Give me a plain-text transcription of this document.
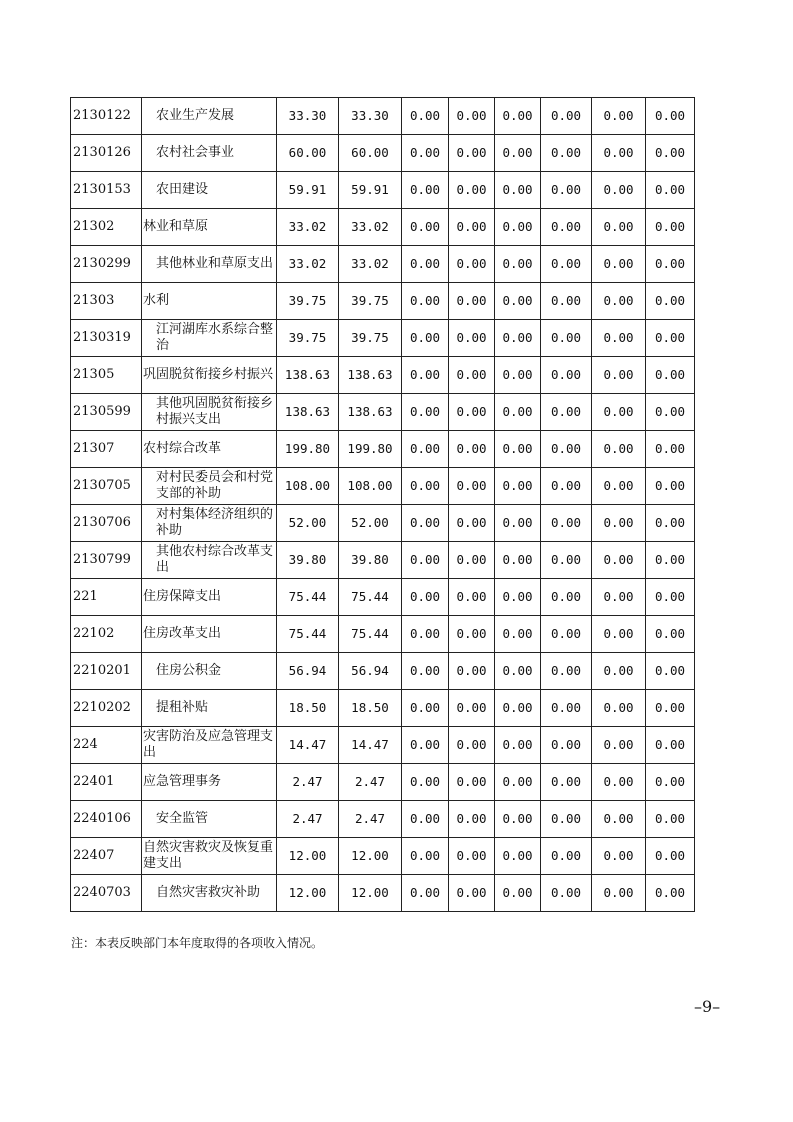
2130122	农业生产发展	33.30	33.30	0.00	0.00	0.00	0.00	0.00	0.00
2130126	农村社会事业	60.00	60.00	0.00	0.00	0.00	0.00	0.00	0.00
2130153	农田建设	59.91	59.91	0.00	0.00	0.00	0.00	0.00	0.00
21302	林业和草原	33.02	33.02	0.00	0.00	0.00	0.00	0.00	0.00
2130299	其他林业和草原支出	33.02	33.02	0.00	0.00	0.00	0.00	0.00	0.00
21303	水利	39.75	39.75	0.00	0.00	0.00	0.00	0.00	0.00
2130319	江河湖库水系综合整治	39.75	39.75	0.00	0.00	0.00	0.00	0.00	0.00
21305	巩固脱贫衔接乡村振兴	138.63	138.63	0.00	0.00	0.00	0.00	0.00	0.00
2130599	其他巩固脱贫衔接乡村振兴支出	138.63	138.63	0.00	0.00	0.00	0.00	0.00	0.00
21307	农村综合改革	199.80	199.80	0.00	0.00	0.00	0.00	0.00	0.00
2130705	对村民委员会和村党支部的补助	108.00	108.00	0.00	0.00	0.00	0.00	0.00	0.00
2130706	对村集体经济组织的补助	52.00	52.00	0.00	0.00	0.00	0.00	0.00	0.00
2130799	其他农村综合改革支出	39.80	39.80	0.00	0.00	0.00	0.00	0.00	0.00
221	住房保障支出	75.44	75.44	0.00	0.00	0.00	0.00	0.00	0.00
22102	住房改革支出	75.44	75.44	0.00	0.00	0.00	0.00	0.00	0.00
2210201	住房公积金	56.94	56.94	0.00	0.00	0.00	0.00	0.00	0.00
2210202	提租补贴	18.50	18.50	0.00	0.00	0.00	0.00	0.00	0.00
224	灾害防治及应急管理支出	14.47	14.47	0.00	0.00	0.00	0.00	0.00	0.00
22401	应急管理事务	2.47	2.47	0.00	0.00	0.00	0.00	0.00	0.00
2240106	安全监管	2.47	2.47	0.00	0.00	0.00	0.00	0.00	0.00
22407	自然灾害救灾及恢复重建支出	12.00	12.00	0.00	0.00	0.00	0.00	0.00	0.00
2240703	自然灾害救灾补助	12.00	12.00	0.00	0.00	0.00	0.00	0.00	0.00
注：本表反映部门本年度取得的各项收入情况。
–9–
